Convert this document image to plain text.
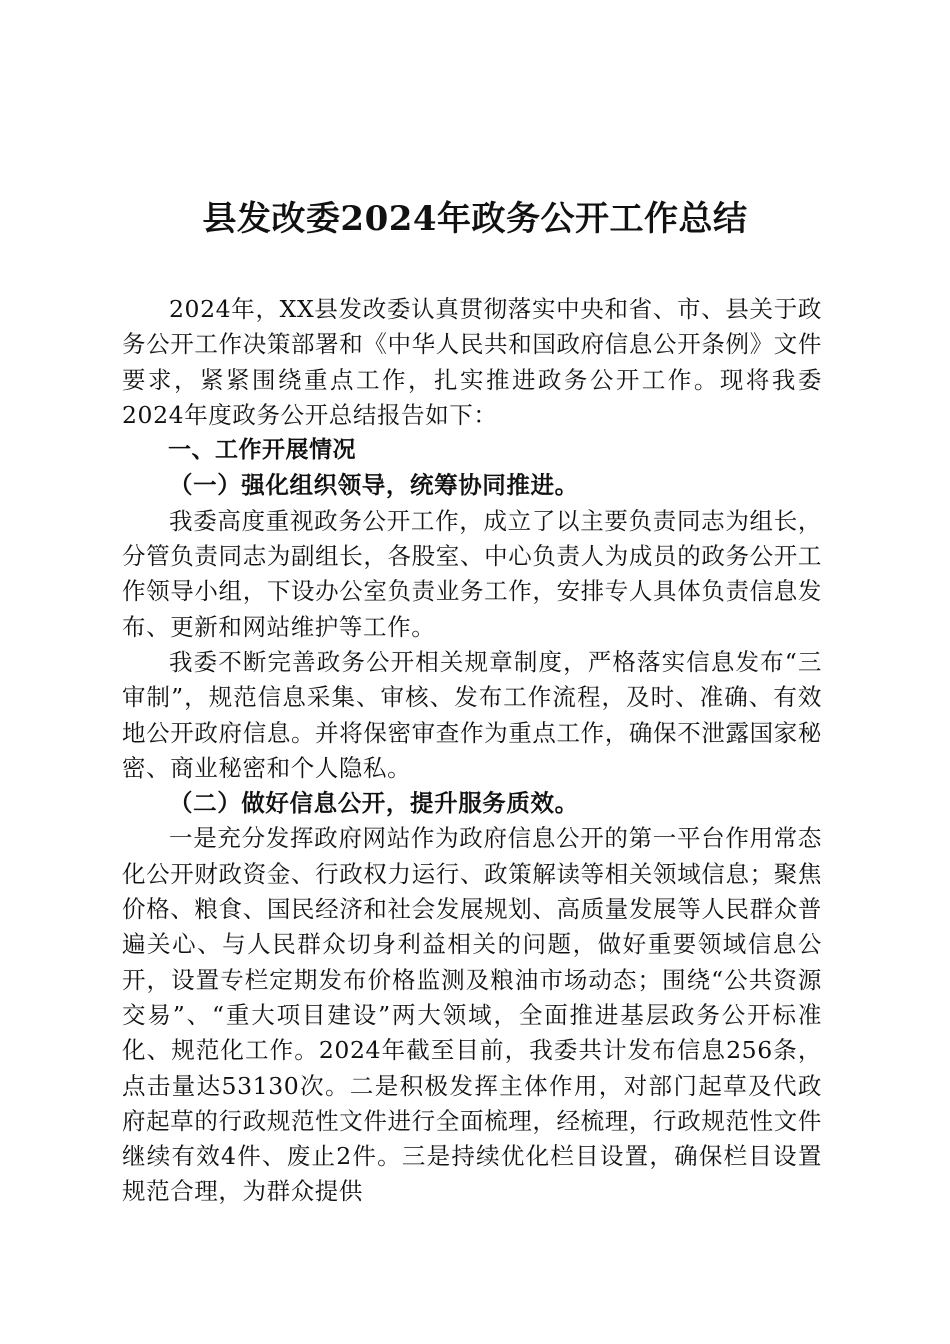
县发改委2024年政务公开工作总结

2024年，XX县发改委认真贯彻落实中央和省、市、县关于政务公开工作决策部署和《中华人民共和国政府信息公开条例》文件要求，紧紧围绕重点工作，扎实推进政务公开工作。现将我委2024年度政务公开总结报告如下：

一、工作开展情况

（一）强化组织领导，统筹协同推进。

我委高度重视政务公开工作，成立了以主要负责同志为组长，分管负责同志为副组长，各股室、中心负责人为成员的政务公开工作领导小组，下设办公室负责业务工作，安排专人具体负责信息发布、更新和网站维护等工作。

我委不断完善政务公开相关规章制度，严格落实信息发布“三审制”，规范信息采集、审核、发布工作流程，及时、准确、有效地公开政府信息。并将保密审查作为重点工作，确保不泄露国家秘密、商业秘密和个人隐私。

（二）做好信息公开，提升服务质效。

一是充分发挥政府网站作为政府信息公开的第一平台作用常态化公开财政资金、行政权力运行、政策解读等相关领域信息；聚焦价格、粮食、国民经济和社会发展规划、高质量发展等人民群众普遍关心、与人民群众切身利益相关的问题，做好重要领域信息公开，设置专栏定期发布价格监测及粮油市场动态；围绕“公共资源交易”、“重大项目建设”两大领域，全面推进基层政务公开标准化、规范化工作。2024年截至目前，我委共计发布信息256条，点击量达53130次。二是积极发挥主体作用，对部门起草及代政府起草的行政规范性文件进行全面梳理，经梳理，行政规范性文件继续有效4件、废止2件。三是持续优化栏目设置，确保栏目设置规范合理，为群众提供
